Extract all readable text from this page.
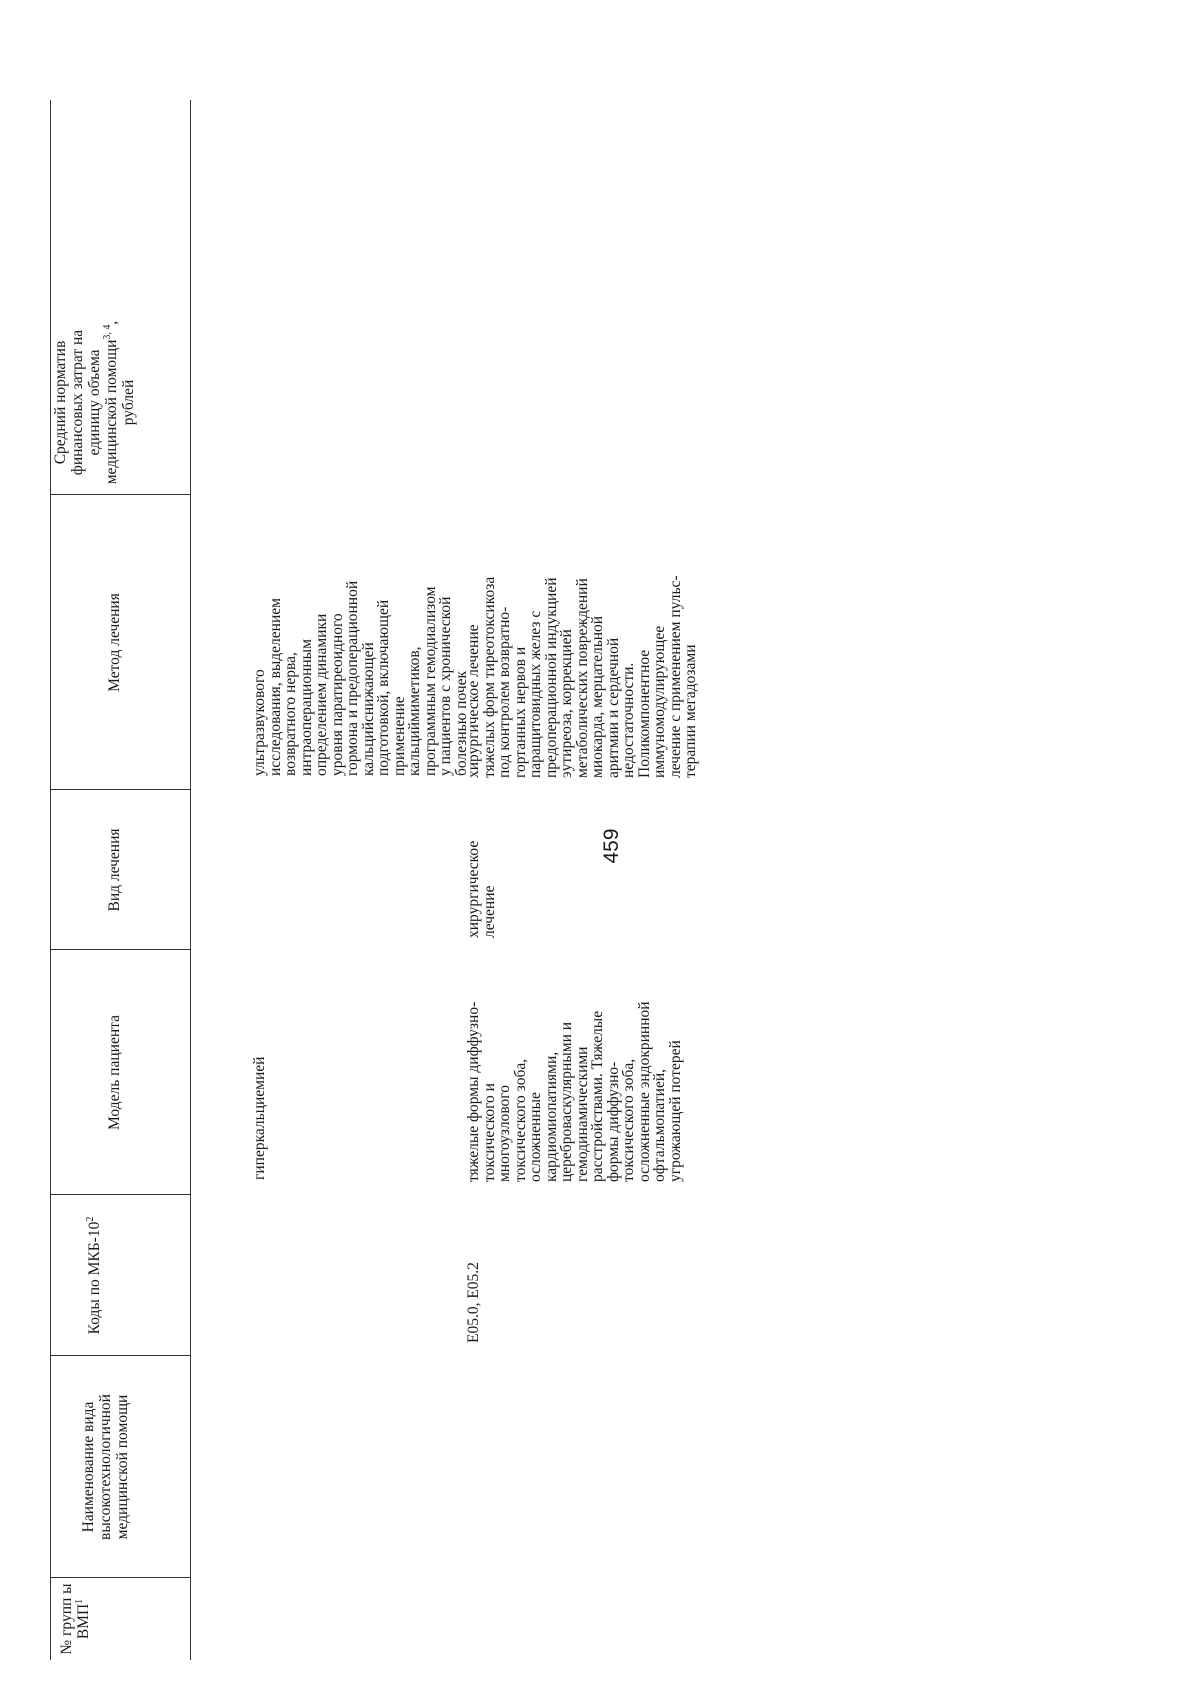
459
Наименование вида высокотехнологичной медицинской помощи
№ групп ы ВМП$^1$
Коды по МКБ-$10^2$
Модель пациента
Вид лечения
Метод лечения
Средний норматив финансовых затрат на единицу объема медицинской помощи$^{3, 4}$, рублей
гиперкальциемией
ультразвукового
исследования, выделением
возвратного нерва,
интраоперационным
определением динамики
уровня паратиреоидного
гормона и предоперационной
кальцийснижающей
подготовкой, включающей
применение
кальциймиметиков,
программным гемодиализом
у пациентов с хронической
болезнью почек
E05.0, E05.2
тяжелые формы диффузно-
токсического и
многоузлового
токсического зоба,
осложненные
кардиомиопатиями,
цереброваскулярными и
гемодинамическими
расстройствами. Тяжелые
формы диффузно-
токсического зоба,
осложненные эндокринной
офтальмопатией,
угрожающей потерей
хирургическое
лечение
хирургическое лечение
тяжелых форм тиреотоксикоза
под контролем возвратно-
гортанных нервов и
паращитовидных желез с
предоперационной индукцией
эутиреоза, коррекцией
метаболических повреждений
миокарда, мерцательной
аритмии и сердечной
недостаточности.
Поликомпонентное
иммуномодулирующее
лечение с применением пульс-
терапии мегадозами
